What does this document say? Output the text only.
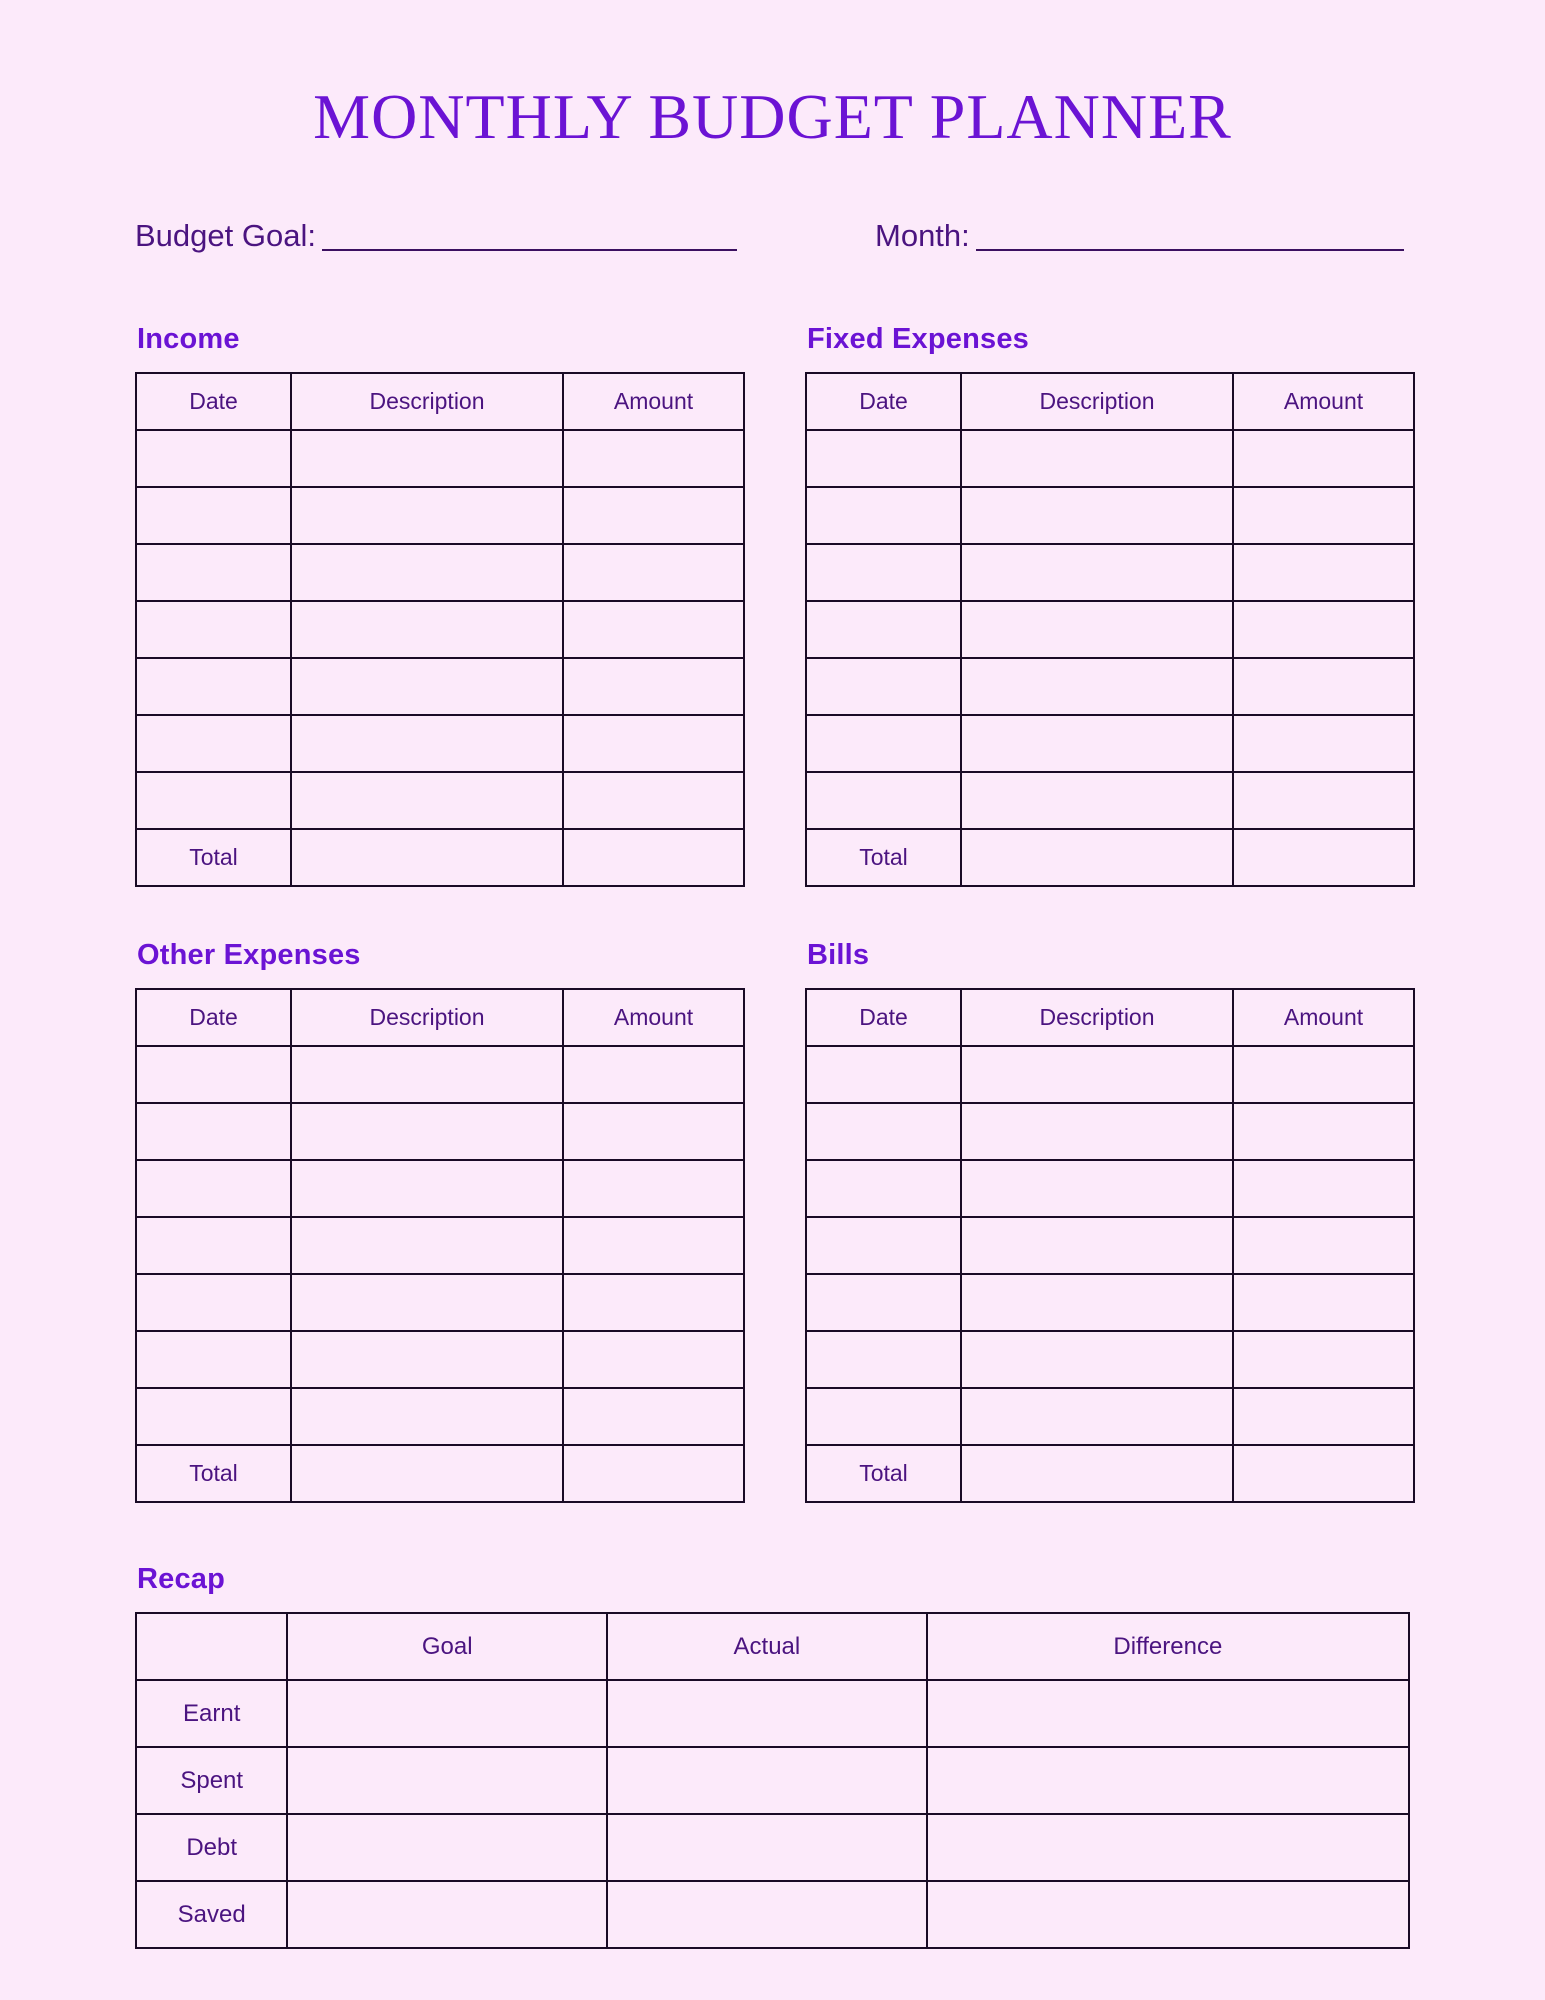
MONTHLY BUDGET PLANNER
Budget Goal:	Month:
Income
Date	Description	Amount

Total		
Other Expenses
Date	Description	Amount

Total		
Fixed Expenses
Date	Description	Amount

Total		
Bills
Date	Description	Amount

Total		
Recap
	Goal	Actual	Difference
Earnt			
Spent			
Debt			
Saved			
